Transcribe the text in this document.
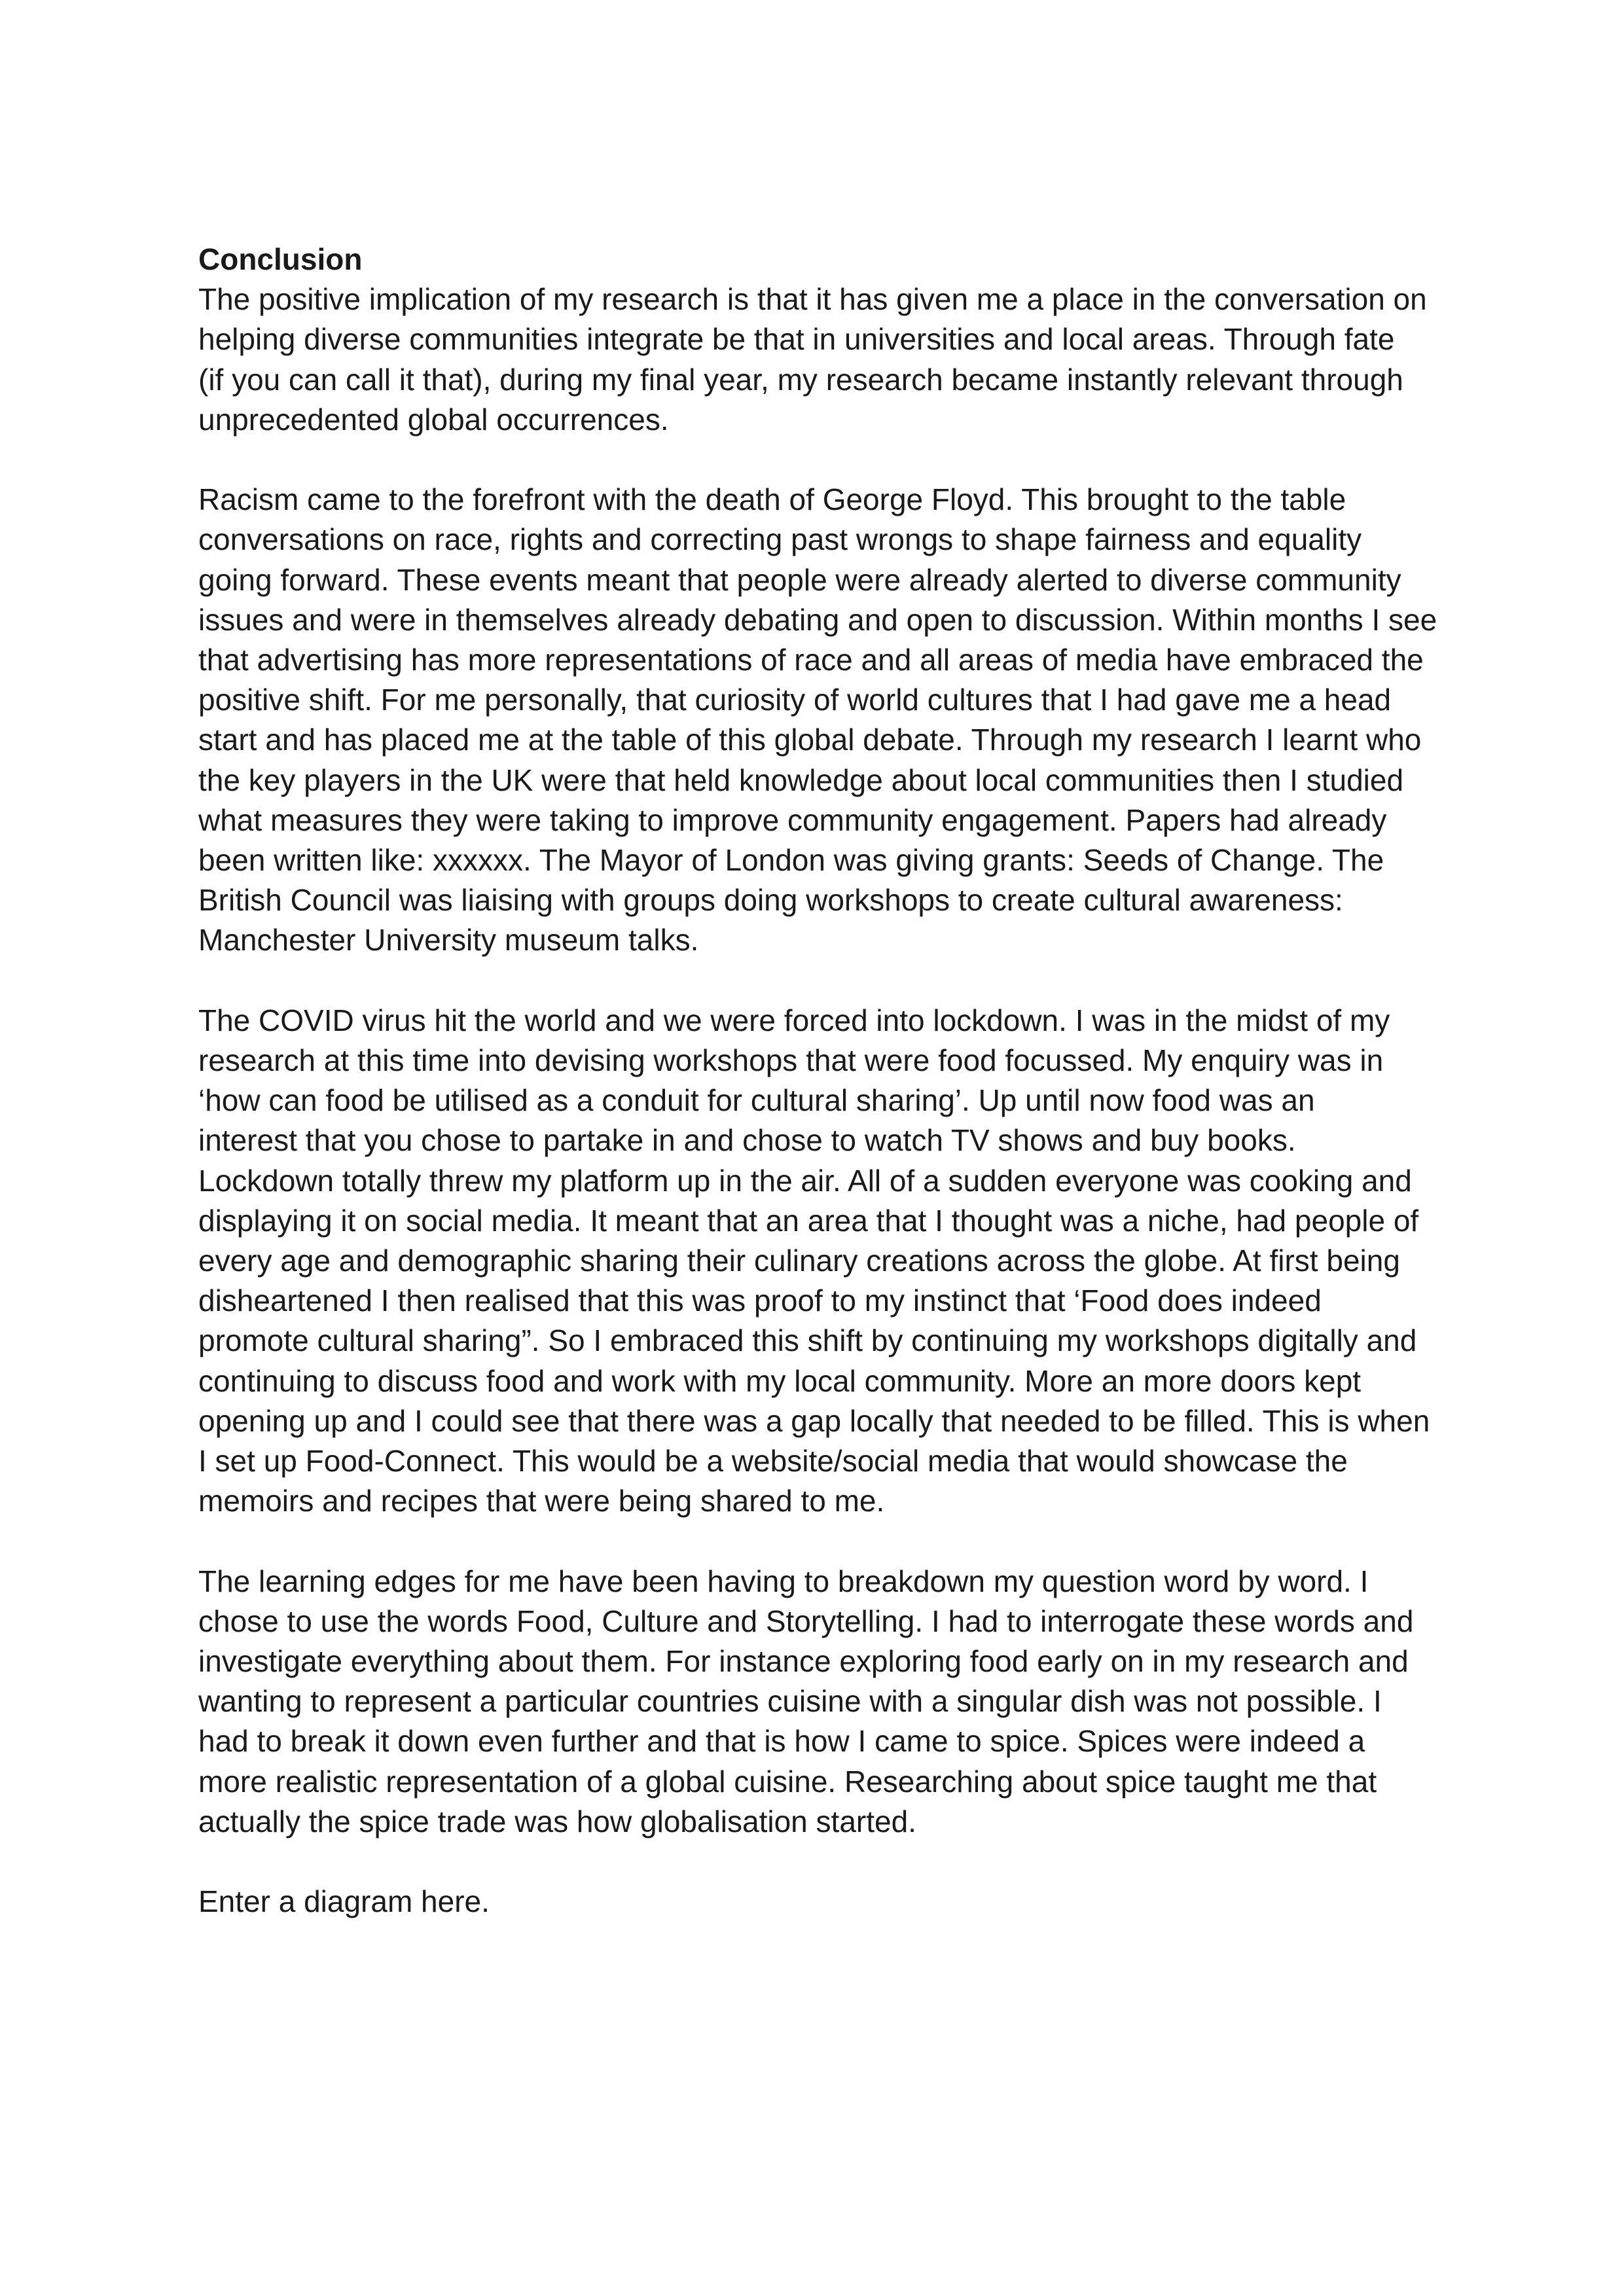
Conclusion

The positive implication of my research is that it has given me a place in the conversation on
helping diverse communities integrate be that in universities and local areas. Through fate
(if you can call it that), during my final year, my research became instantly relevant through
unprecedented global occurrences.

Racism came to the forefront with the death of George Floyd. This brought to the table
conversations on race, rights and correcting past wrongs to shape fairness and equality
going forward. These events meant that people were already alerted to diverse community
issues and were in themselves already debating and open to discussion. Within months I see
that advertising has more representations of race and all areas of media have embraced the
positive shift. For me personally, that curiosity of world cultures that I had gave me a head
start and has placed me at the table of this global debate. Through my research I learnt who
the key players in the UK were that held knowledge about local communities then I studied
what measures they were taking to improve community engagement. Papers had already
been written like: xxxxxx. The Mayor of London was giving grants: Seeds of Change. The
British Council was liaising with groups doing workshops to create cultural awareness:
Manchester University museum talks.

The COVID virus hit the world and we were forced into lockdown. I was in the midst of my
research at this time into devising workshops that were food focussed. My enquiry was in
‘how can food be utilised as a conduit for cultural sharing’. Up until now food was an
interest that you chose to partake in and chose to watch TV shows and buy books.
Lockdown totally threw my platform up in the air. All of a sudden everyone was cooking and
displaying it on social media. It meant that an area that I thought was a niche, had people of
every age and demographic sharing their culinary creations across the globe. At first being
disheartened I then realised that this was proof to my instinct that ‘Food does indeed
promote cultural sharing”. So I embraced this shift by continuing my workshops digitally and
continuing to discuss food and work with my local community. More an more doors kept
opening up and I could see that there was a gap locally that needed to be filled. This is when
I set up Food-Connect. This would be a website/social media that would showcase the
memoirs and recipes that were being shared to me.

The learning edges for me have been having to breakdown my question word by word. I
chose to use the words Food, Culture and Storytelling. I had to interrogate these words and
investigate everything about them. For instance exploring food early on in my research and
wanting to represent a particular countries cuisine with a singular dish was not possible. I
had to break it down even further and that is how I came to spice. Spices were indeed a
more realistic representation of a global cuisine. Researching about spice taught me that
actually the spice trade was how globalisation started.

Enter a diagram here.
